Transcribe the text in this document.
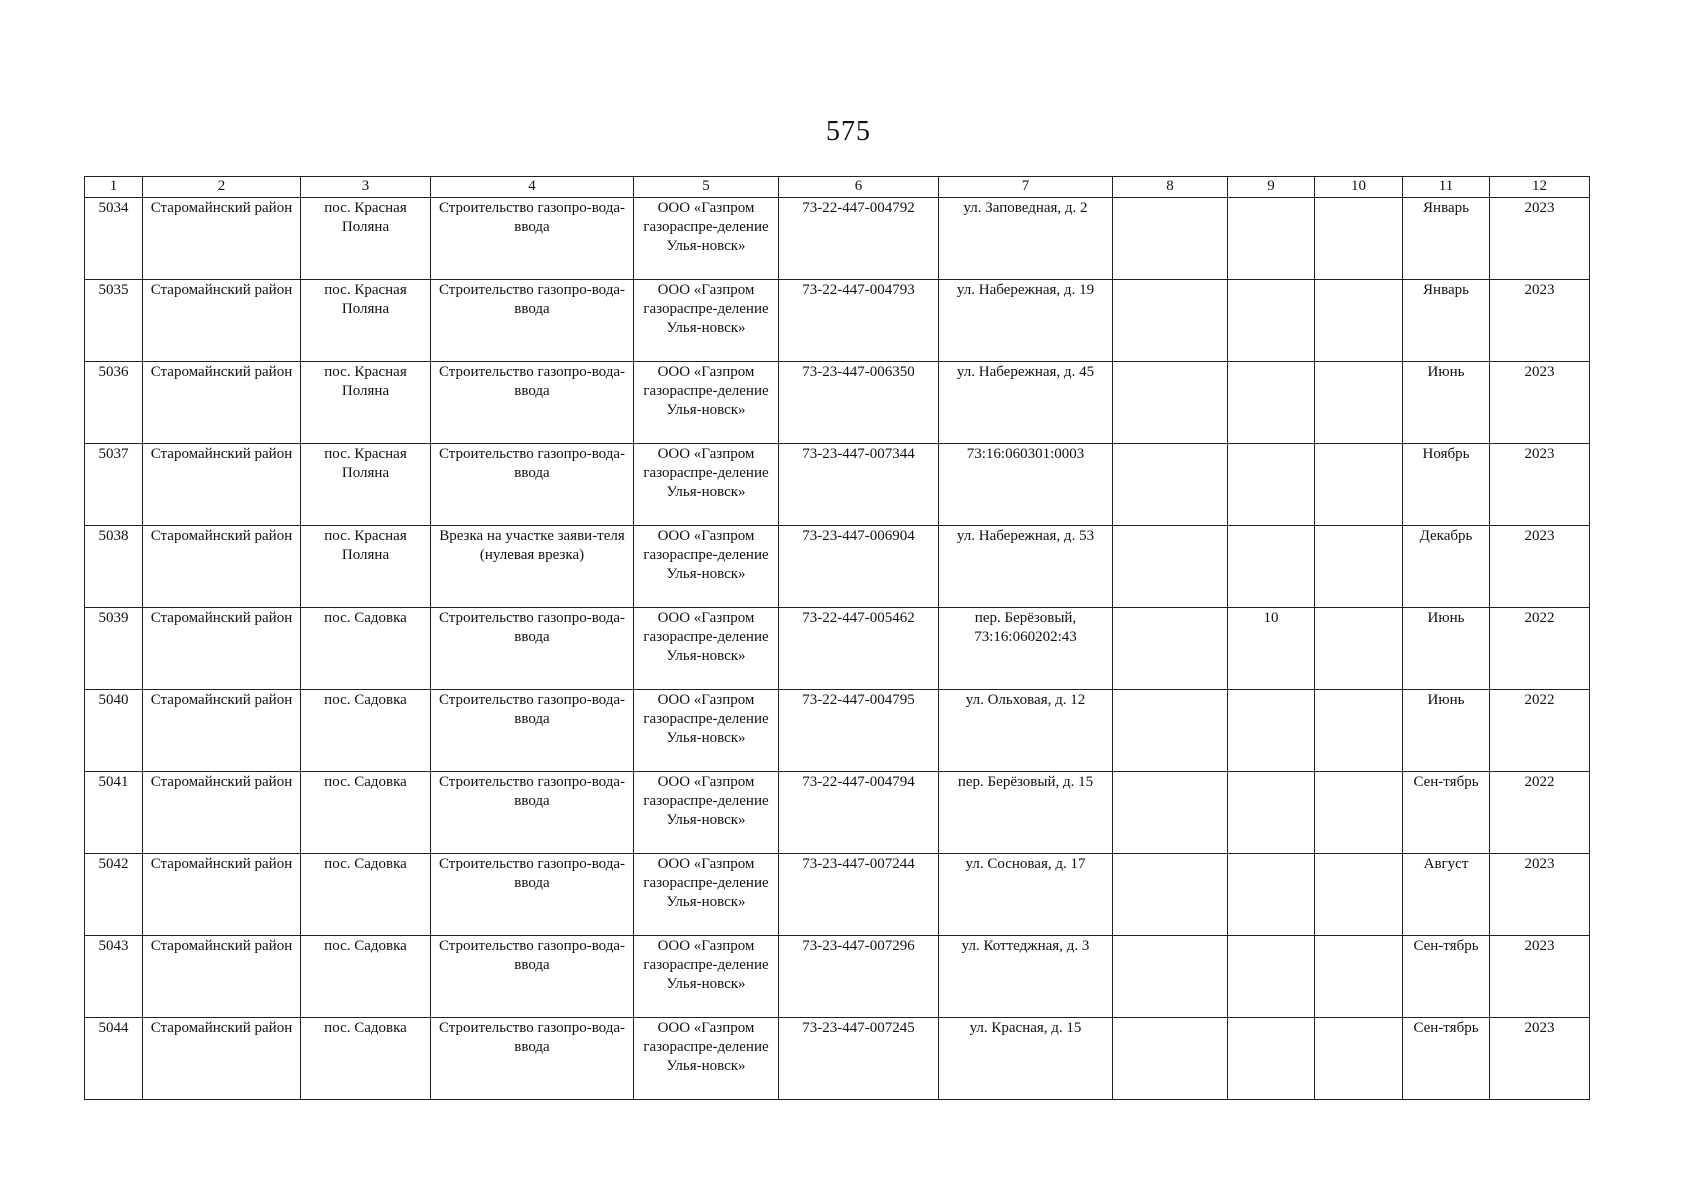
575
1	2	3	4	5	6	7	8	9	10	11	12

5034	Старомайнский район	пос. Красная Поляна	Строительство газопро-вода-ввода	ООО «Газпром газораспре-деление Улья-новск»	73-22-447-004792	ул. Заповедная, д. 2				Январь	2023

5035	Старомайнский район	пос. Красная Поляна	Строительство газопро-вода-ввода	ООО «Газпром газораспре-деление Улья-новск»	73-22-447-004793	ул. Набережная, д. 19				Январь	2023

5036	Старомайнский район	пос. Красная Поляна	Строительство газопро-вода-ввода	ООО «Газпром газораспре-деление Улья-новск»	73-23-447-006350	ул. Набережная, д. 45				Июнь	2023

5037	Старомайнский район	пос. Красная Поляна	Строительство газопро-вода-ввода	ООО «Газпром газораспре-деление Улья-новск»	73-23-447-007344	73:16:060301:0003				Ноябрь	2023

5038	Старомайнский район	пос. Красная Поляна	Врезка на участке заяви-теля (нулевая врезка)	ООО «Газпром газораспре-деление Улья-новск»	73-23-447-006904	ул. Набережная, д. 53				Декабрь	2023

5039	Старомайнский район	пос. Садовка	Строительство газопро-вода-ввода	ООО «Газпром газораспре-деление Улья-новск»	73-22-447-005462	пер. Берёзовый, 73:16:060202:43		10		Июнь	2022

5040	Старомайнский район	пос. Садовка	Строительство газопро-вода-ввода	ООО «Газпром газораспре-деление Улья-новск»	73-22-447-004795	ул. Ольховая, д. 12				Июнь	2022

5041	Старомайнский район	пос. Садовка	Строительство газопро-вода-ввода	ООО «Газпром газораспре-деление Улья-новск»	73-22-447-004794	пер. Берёзовый, д. 15				Сен-тябрь	2022

5042	Старомайнский район	пос. Садовка	Строительство газопро-вода-ввода	ООО «Газпром газораспре-деление Улья-новск»	73-23-447-007244	ул. Сосновая, д. 17				Август	2023

5043	Старомайнский район	пос. Садовка	Строительство газопро-вода-ввода	ООО «Газпром газораспре-деление Улья-новск»	73-23-447-007296	ул. Коттеджная, д. 3				Сен-тябрь	2023

5044	Старомайнский район	пос. Садовка	Строительство газопро-вода-ввода	ООО «Газпром газораспре-деление Улья-новск»	73-23-447-007245	ул. Красная, д. 15				Сен-тябрь	2023
